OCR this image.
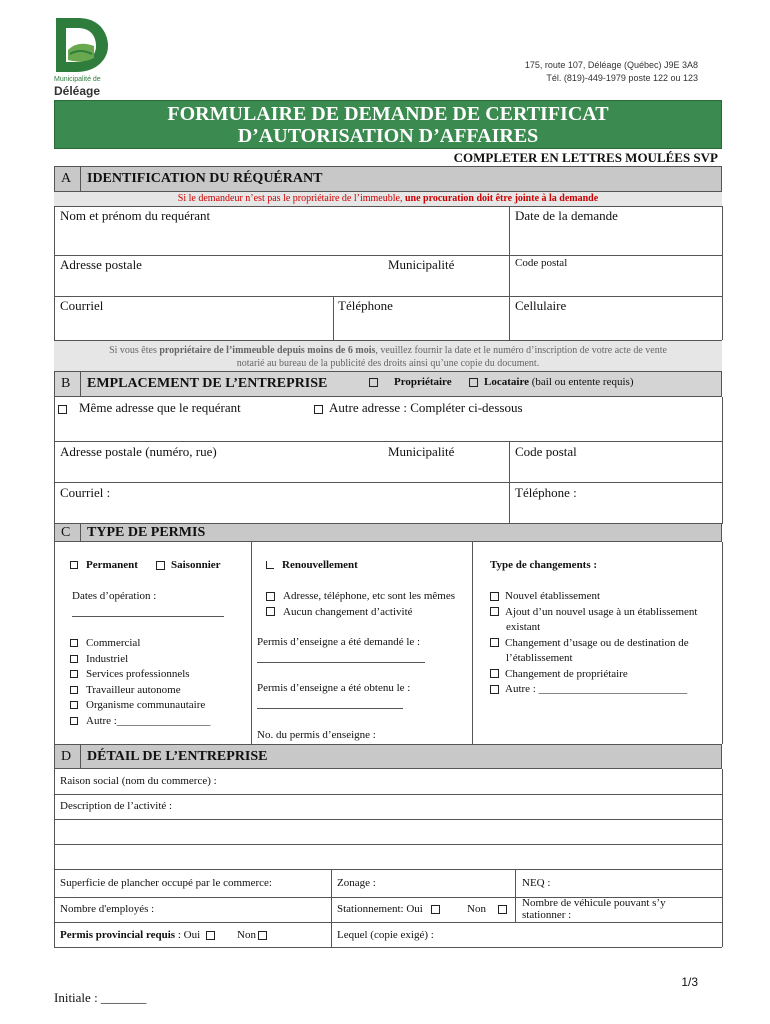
Municipalité de
Déléage
175, route 107, Déléage (Québec) J9E 3A8
Tél. (819)-449-1979 poste 122 ou 123
FORMULAIRE DE DEMANDE DE CERTIFICAT
D’AUTORISATION D’AFFAIRES
COMPLETER EN LETTRES MOULÉES SVP
A IDENTIFICATION DU RÉQUÉRANT
Si le demandeur n’est pas le propriétaire de l’immeuble, une procuration doit être jointe à la demande
Nom et prénom du requérant	Date de la demande
Adresse postale	Municipalité	Code postal
Courriel	Téléphone	Cellulaire
Si vous êtes propriétaire de l’immeuble depuis moins de 6 mois, veuillez fournir la date et le numéro d’inscription de votre acte de vente
notarié au bureau de la publicité des droits ainsi qu’une copie du document.
B EMPLACEMENT DE L’ENTREPRISE	Propriétaire	Locataire (bail ou entente requis)
Même adresse que le requérant	Autre adresse : Compléter ci-dessous
Adresse postale (numéro, rue)	Municipalité	Code postal
Courriel :	Téléphone :
C TYPE DE PERMIS
Permanent	Saisonnier
Dates d’opération :
Commercial
Industriel
Services professionnels
Travailleur autonome
Organisme communautaire
Autre :_________________
Renouvellement
Adresse, téléphone, etc sont les mêmes
Aucun changement d’activité
Permis d’enseigne a été demandé le :
Permis d’enseigne a été obtenu le :
No. du permis d’enseigne :
Type de changements :
Nouvel établissement
Ajout d’un nouvel usage à un établissement
existant
Changement d’usage ou de destination de
l’établissement
Changement de propriétaire
Autre : ___________________________
D DÉTAIL DE L’ENTREPRISE
Raison social (nom du commerce) :
Description de l’activité :
Superficie de plancher occupé par le commerce:	Zonage :	NEQ :
Nombre d'employés :	Stationnement: Oui	Non	Nombre de véhicule pouvant s’y
stationner :
Permis provincial requis : Oui	Non	Lequel (copie exigé) :
1/3
Initiale : _______
